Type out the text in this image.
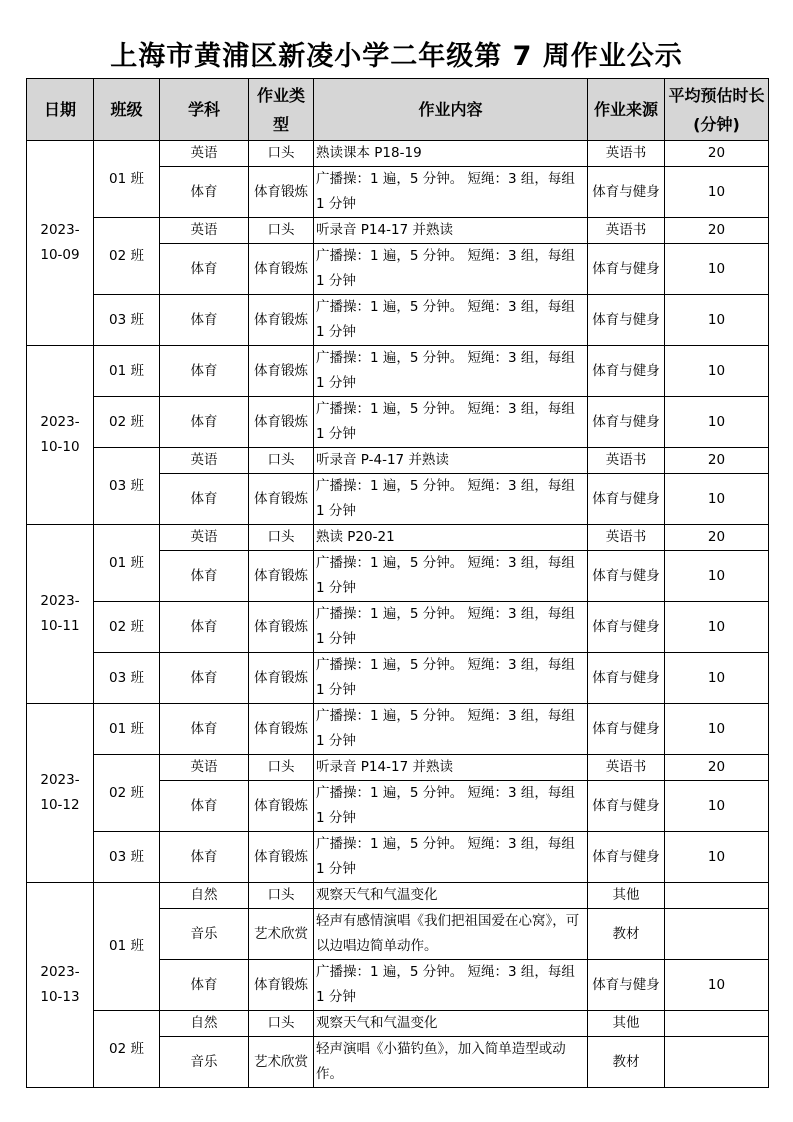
上海市黄浦区新凌小学二年级第 7 周作业公示
日期	班级	学科	作业类型	作业内容	作业来源	平均预估时长(分钟)
2023-10-09	01 班	英语	口头	熟读课本 P18-19	英语书	20
		体育	体育锻炼	广播操：1 遍，5 分钟。 短绳：3 组，每组 1 分钟	体育与健身	10
	02 班	英语	口头	听录音 P14-17 并熟读	英语书	20
		体育	体育锻炼	广播操：1 遍，5 分钟。 短绳：3 组，每组 1 分钟	体育与健身	10
	03 班	体育	体育锻炼	广播操：1 遍，5 分钟。 短绳：3 组，每组 1 分钟	体育与健身	10
2023-10-10	01 班	体育	体育锻炼	广播操：1 遍，5 分钟。 短绳：3 组，每组 1 分钟	体育与健身	10
	02 班	体育	体育锻炼	广播操：1 遍，5 分钟。 短绳：3 组，每组 1 分钟	体育与健身	10
	03 班	英语	口头	听录音 P-4-17 并熟读	英语书	20
		体育	体育锻炼	广播操：1 遍，5 分钟。 短绳：3 组，每组 1 分钟	体育与健身	10
2023-10-11	01 班	英语	口头	熟读 P20-21	英语书	20
		体育	体育锻炼	广播操：1 遍，5 分钟。 短绳：3 组，每组 1 分钟	体育与健身	10
	02 班	体育	体育锻炼	广播操：1 遍，5 分钟。 短绳：3 组，每组 1 分钟	体育与健身	10
	03 班	体育	体育锻炼	广播操：1 遍，5 分钟。 短绳：3 组，每组 1 分钟	体育与健身	10
2023-10-12	01 班	体育	体育锻炼	广播操：1 遍，5 分钟。 短绳：3 组，每组 1 分钟	体育与健身	10
	02 班	英语	口头	听录音 P14-17 并熟读	英语书	20
		体育	体育锻炼	广播操：1 遍，5 分钟。 短绳：3 组，每组 1 分钟	体育与健身	10
	03 班	体育	体育锻炼	广播操：1 遍，5 分钟。 短绳：3 组，每组 1 分钟	体育与健身	10
2023-10-13	01 班	自然	口头	观察天气和气温变化	其他	
		音乐	艺术欣赏	轻声有感情演唱《我们把祖国爱在心窝》，可以边唱边简单动作。	教材	
		体育	体育锻炼	广播操：1 遍，5 分钟。 短绳：3 组，每组 1 分钟	体育与健身	10
	02 班	自然	口头	观察天气和气温变化	其他	
		音乐	艺术欣赏	轻声演唱《小猫钓鱼》，加入简单造型或动作。	教材	
